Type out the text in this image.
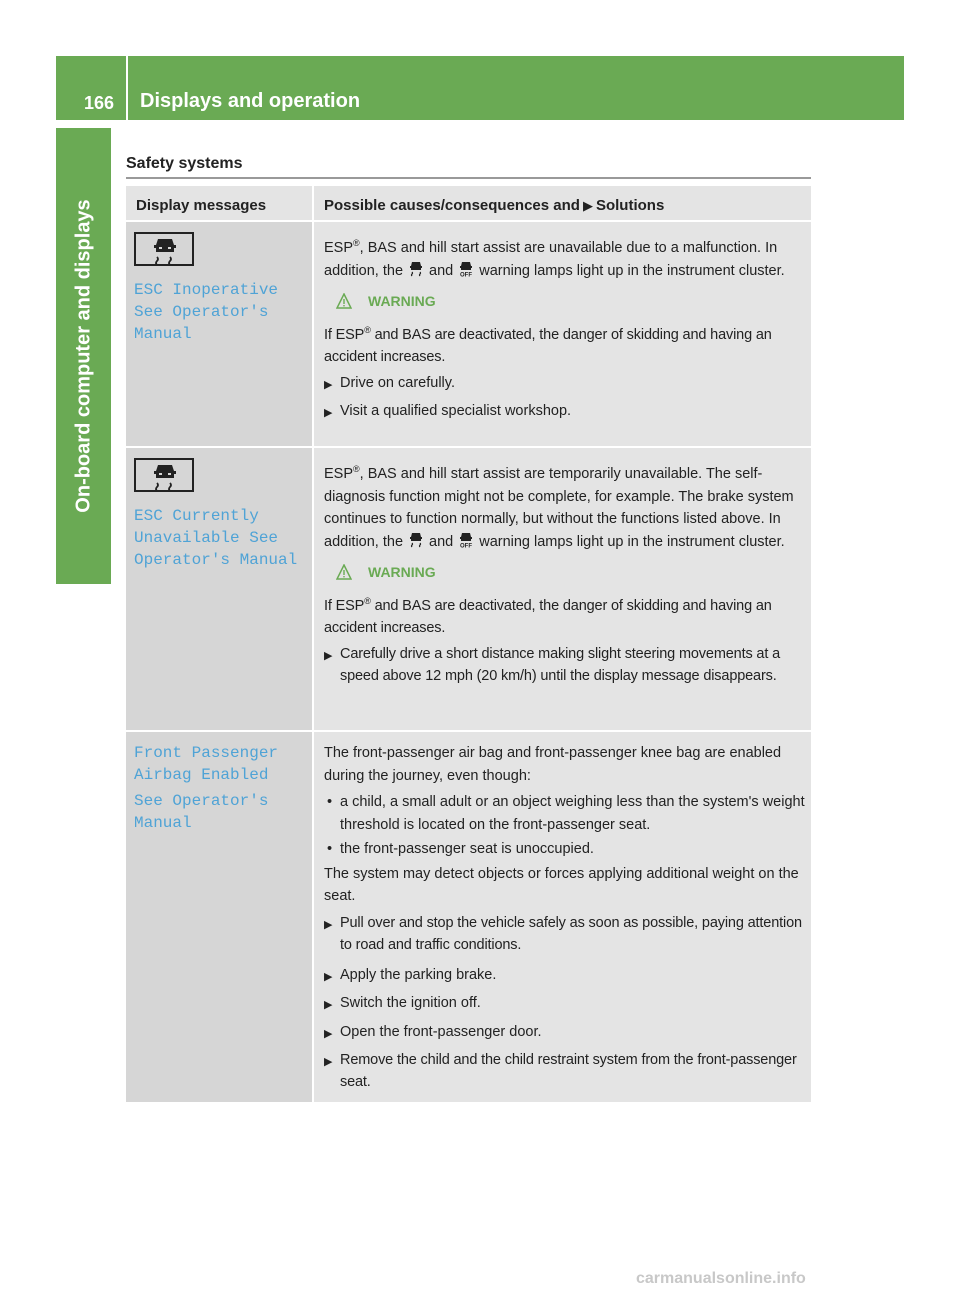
166	Displays and operation
On-board computer and displays
Safety systems
Display messages	Possible causes/consequences and ▶ Solutions
ESC Inoperative
See Operator's
Manual

ESP®, BAS and hill start assist are unavailable due to a malfunction. In addition, the and OFF warning lamps light up in the instrument cluster.

WARNING

If ESP® and BAS are deactivated, the danger of skidding and having an accident increases.

▶ Drive on carefully.
▶ Visit a qualified specialist workshop.
ESC Currently
Unavailable See
Operator's Manual

ESP®, BAS and hill start assist are temporarily unavailable. The self-diagnosis function might not be complete, for example. The brake system continues to function normally, but without the functions listed above. In addition, the and OFF warning lamps light up in the instrument cluster.

WARNING

If ESP® and BAS are deactivated, the danger of skidding and having an accident increases.

▶ Carefully drive a short distance making slight steering movements at a speed above 12 mph (20 km/h) until the display message disappears.
Front Passenger
Airbag Enabled
See Operator's
Manual

The front-passenger air bag and front-passenger knee bag are enabled during the journey, even though:

• a child, a small adult or an object weighing less than the system's weight threshold is located on the front-passenger seat.
• the front-passenger seat is unoccupied.

The system may detect objects or forces applying additional weight on the seat.

▶ Pull over and stop the vehicle safely as soon as possible, paying attention to road and traffic conditions.
▶ Apply the parking brake.
▶ Switch the ignition off.
▶ Open the front-passenger door.
▶ Remove the child and the child restraint system from the front-passenger seat.
carmanualsonline.info
